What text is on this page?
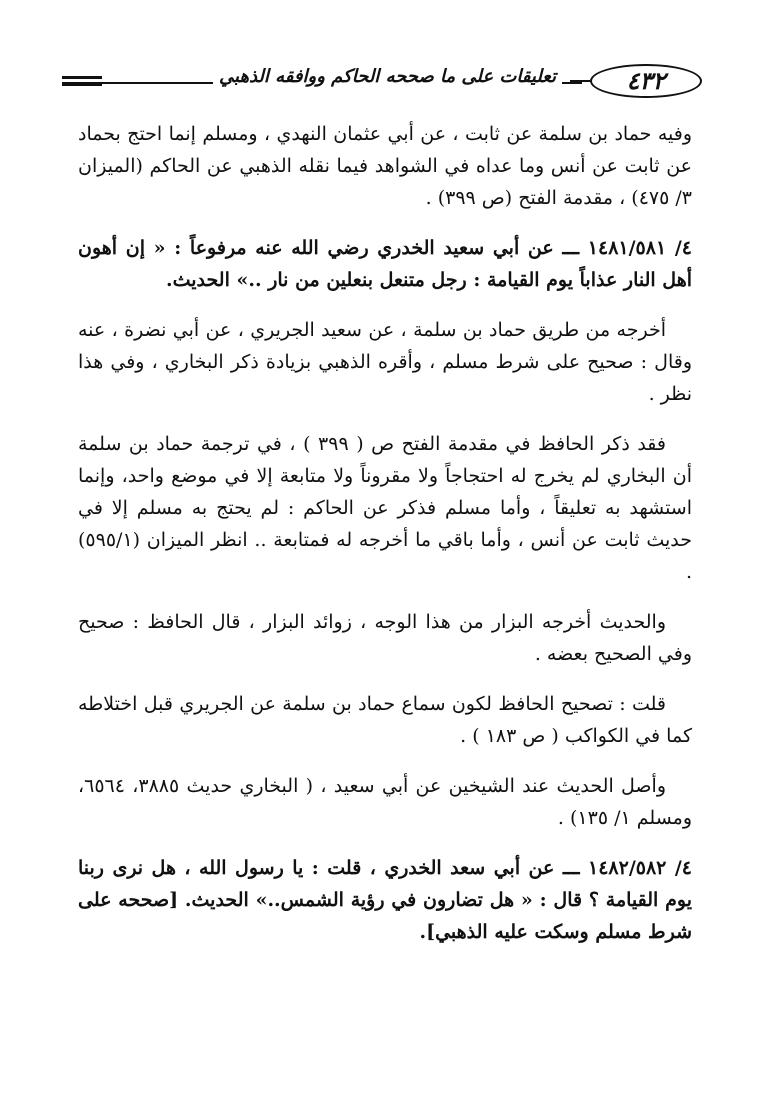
٤٣٢
تعليقات على ما صححه الحاكم ووافقه الذهبي

وفيه حماد بن سلمة عن ثابت ، عن أبي عثمان النهدي ، ومسلم إنما احتج بحماد عن ثابت عن أنس وما عداه في الشواهد فيما نقله الذهبي عن الحاكم (الميزان ٣/ ٤٧٥) ، مقدمة الفتح (ص ٣٩٩) .

٤/ ١٤٨١/٥٨١ ـــ عن أبي سعيد الخدري رضي الله عنه مرفوعاً : « إن أهون أهل النار عذاباً يوم القيامة : رجل متنعل بنعلين من نار ..» الحديث.

أخرجه من طريق حماد بن سلمة ، عن سعيد الجريري ، عن أبي نضرة ، عنه وقال : صحيح على شرط مسلم ، وأقره الذهبي بزيادة ذكر البخاري ، وفي هذا نظر .

فقد ذكر الحافظ في مقدمة الفتح ص ( ٣٩٩ ) ، في ترجمة حماد بن سلمة أن البخاري لم يخرج له احتجاجاً ولا مقروناً ولا متابعة إلا في موضع واحد، وإنما استشهد به تعليقاً ، وأما مسلم فذكر عن الحاكم : لم يحتج به مسلم إلا في حديث ثابت عن أنس ، وأما باقي ما أخرجه له فمتابعة .. انظر الميزان (٥٩٥/١) .

والحديث أخرجه البزار من هذا الوجه ، زوائد البزار ، قال الحافظ : صحيح وفي الصحيح بعضه .

قلت : تصحيح الحافظ لكون سماع حماد بن سلمة عن الجريري قبل اختلاطه كما في الكواكب ( ص ١٨٣ ) .

وأصل الحديث عند الشيخين عن أبي سعيد ، ( البخاري حديث ٣٨٨٥، ٦٥٦٤، ومسلم ١/ ١٣٥) .

٤/ ١٤٨٢/٥٨٢ ـــ عن أبي سعد الخدري ، قلت : يا رسول الله ، هل نرى ربنا يوم القيامة ؟ قال : « هل تضارون في رؤية الشمس..» الحديث. [صححه على شرط مسلم وسكت عليه الذهبي].
